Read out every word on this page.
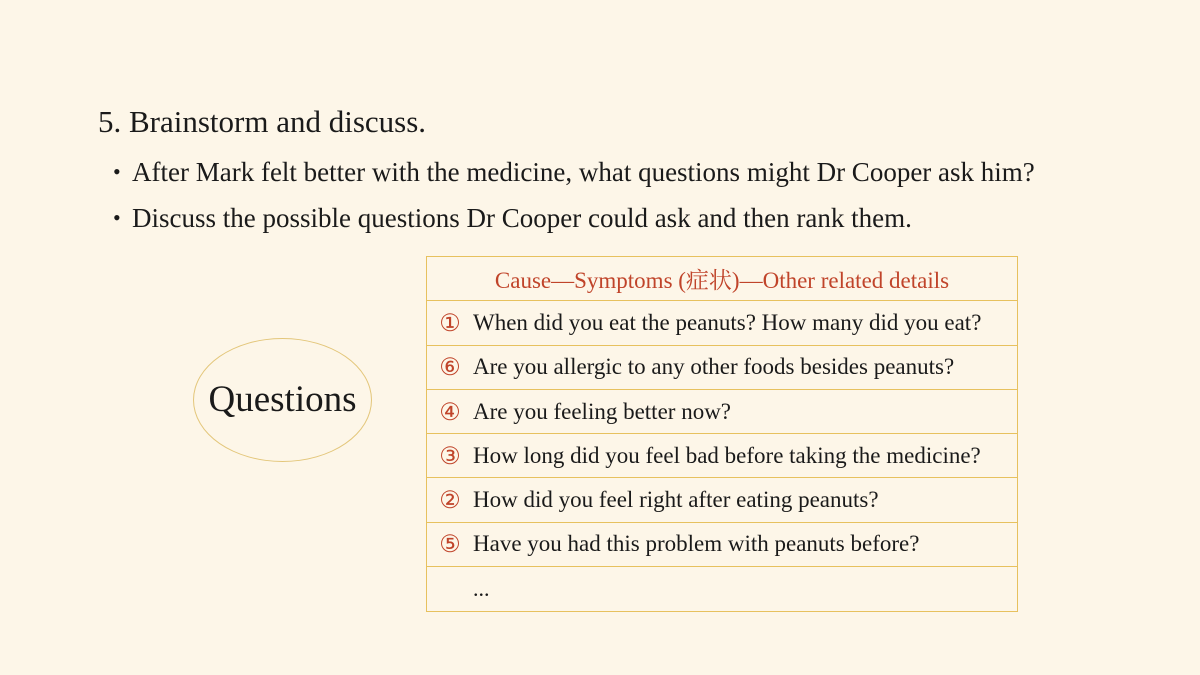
5. Brainstorm and discuss.
• After Mark felt better with the medicine, what questions might Dr Cooper ask him?
• Discuss the possible questions Dr Cooper could ask and then rank them.
Questions
Cause—Symptoms (症状)—Other related details
① When did you eat the peanuts? How many did you eat?
⑥ Are you allergic to any other foods besides peanuts?
④ Are you feeling better now?
③ How long did you feel bad before taking the medicine?
② How did you feel right after eating peanuts?
⑤ Have you had this problem with peanuts before?
...
